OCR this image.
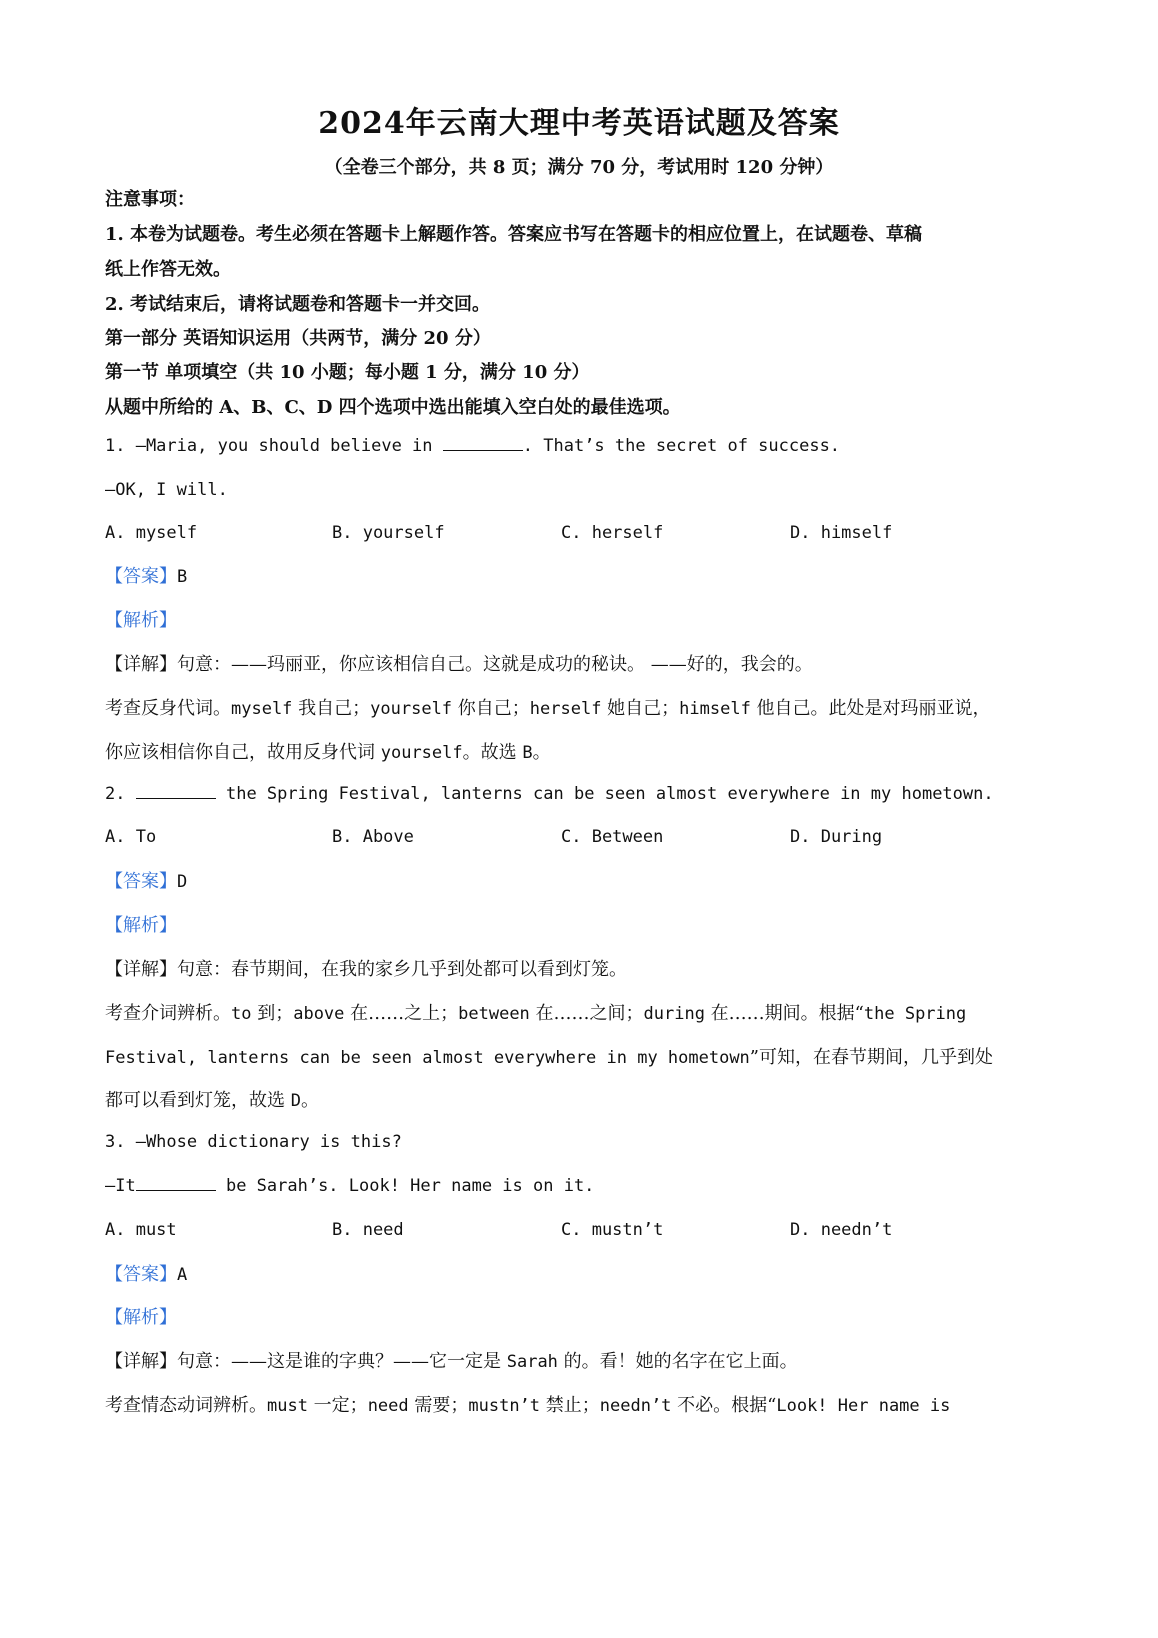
2024年云南大理中考英语试题及答案
（全卷三个部分，共 8 页；满分 70 分，考试用时 120 分钟）
注意事项：
1. 本卷为试题卷。考生必须在答题卡上解题作答。答案应书写在答题卡的相应位置上，在试题卷、草稿
纸上作答无效。
2. 考试结束后，请将试题卷和答题卡一并交回。
第一部分 英语知识运用（共两节，满分 20 分）
第一节 单项填空（共 10 小题；每小题 1 分，满分 10 分）
从题中所给的 A、B、C、D 四个选项中选出能填入空白处的最佳选项。
1. —Maria, you should believe in	. That’s the secret of success.
—OK, I will.
A. myself	B. yourself	C. herself	D. himself
【答案】B
【解析】
【详解】句意：——玛丽亚，你应该相信自己。这就是成功的秘诀。 ——好的，我会的。
考查反身代词。myself 我自己；yourself 你自己；herself 她自己；himself 他自己。此处是对玛丽亚说，
你应该相信你自己，故用反身代词 yourself。故选 B。
2.	the Spring Festival, lanterns can be seen almost everywhere in my hometown.
A. To	B. Above	C. Between	D. During
【答案】D
【解析】
【详解】句意：春节期间，在我的家乡几乎到处都可以看到灯笼。
考查介词辨析。to 到；above 在……之上；between 在……之间；during 在……期间。根据“the Spring
Festival, lanterns can be seen almost everywhere in my hometown”可知，在春节期间，几乎到处
都可以看到灯笼，故选 D。
3. —Whose dictionary is this?
—It	be Sarah’s. Look! Her name is on it.
A. must	B. need	C. mustn’t	D. needn’t
【答案】A
【解析】
【详解】句意：——这是谁的字典？——它一定是 Sarah 的。看！她的名字在它上面。
考查情态动词辨析。must 一定；need 需要；mustn’t 禁止；needn’t 不必。根据“Look! Her name is
